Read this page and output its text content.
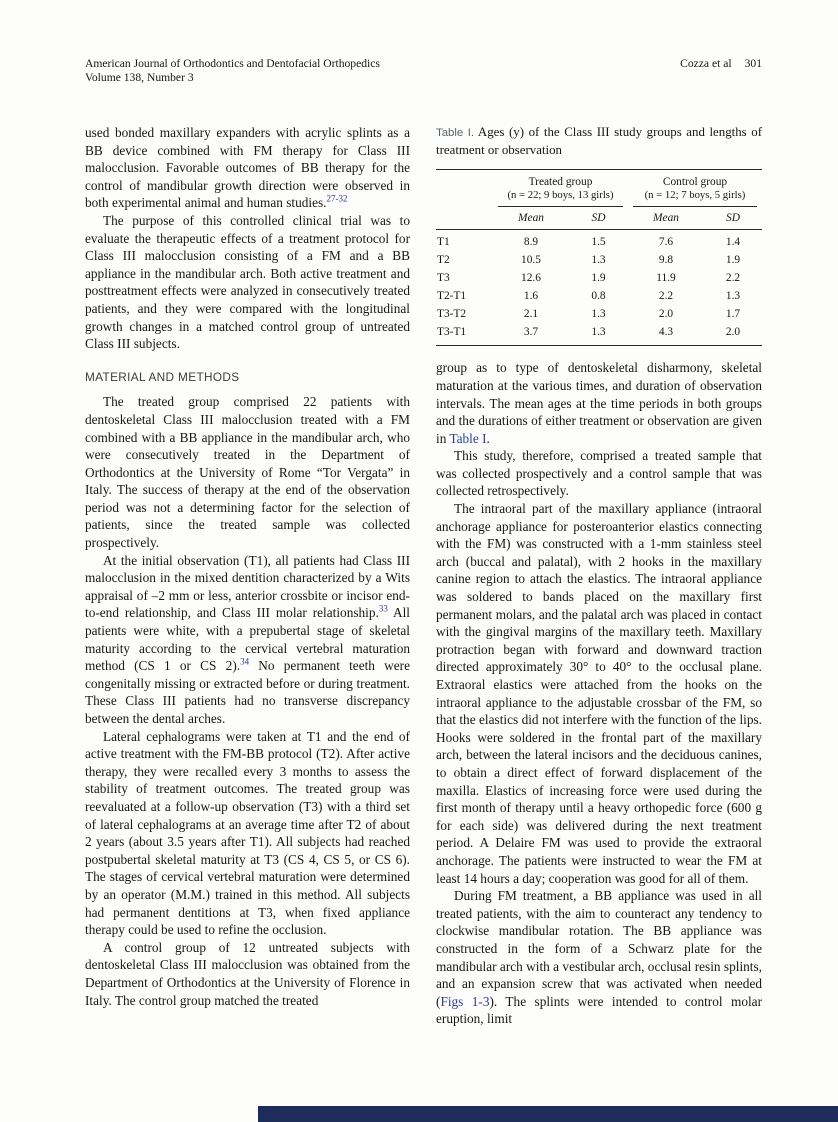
American Journal of Orthodontics and Dentofacial Orthopedics
Volume 138, Number 3
Cozza et al 301

used bonded maxillary expanders with acrylic splints as a BB device combined with FM therapy for Class III malocclusion. Favorable outcomes of BB therapy for the control of mandibular growth direction were observed in both experimental animal and human studies.$^{27-32}$

The purpose of this controlled clinical trial was to evaluate the therapeutic effects of a treatment protocol for Class III malocclusion consisting of a FM and a BB appliance in the mandibular arch. Both active treatment and posttreatment effects were analyzed in consecutively treated patients, and they were compared with the longitudinal growth changes in a matched control group of untreated Class III subjects.

MATERIAL AND METHODS

The treated group comprised 22 patients with dentoskeletal Class III malocclusion treated with a FM combined with a BB appliance in the mandibular arch, who were consecutively treated in the Department of Orthodontics at the University of Rome “Tor Vergata” in Italy. The success of therapy at the end of the observation period was not a determining factor for the selection of patients, since the treated sample was collected prospectively.

At the initial observation (T1), all patients had Class III malocclusion in the mixed dentition characterized by a Wits appraisal of –2 mm or less, anterior crossbite or incisor end-to-end relationship, and Class III molar relationship.$^{33}$ All patients were white, with a prepubertal stage of skeletal maturity according to the cervical vertebral maturation method (CS 1 or CS 2).$^{34}$ No permanent teeth were congenitally missing or extracted before or during treatment. These Class III patients had no transverse discrepancy between the dental arches.

Lateral cephalograms were taken at T1 and the end of active treatment with the FM-BB protocol (T2). After active therapy, they were recalled every 3 months to assess the stability of treatment outcomes. The treated group was reevaluated at a follow-up observation (T3) with a third set of lateral cephalograms at an average time after T2 of about 2 years (about 3.5 years after T1). All subjects had reached postpubertal skeletal maturity at T3 (CS 4, CS 5, or CS 6). The stages of cervical vertebral maturation were determined by an operator (M.M.) trained in this method. All subjects had permanent dentitions at T3, when fixed appliance therapy could be used to refine the occlusion.

A control group of 12 untreated subjects with dentoskeletal Class III malocclusion was obtained from the Department of Orthodontics at the University of Florence in Italy. The control group matched the treated

Table I. Ages (y) of the Class III study groups and lengths of treatment or observation

	Treated group
(n = 22; 9 boys, 13 girls)		Control group
(n = 12; 7 boys, 5 girls)	

	Mean	SD	Mean	SD
T1	8.9	1.5	7.6	1.4
T2	10.5	1.3	9.8	1.9
T3	12.6	1.9	11.9	2.2
T2-T1	1.6	0.8	2.2	1.3
T3-T2	2.1	1.3	2.0	1.7
T3-T1	3.7	1.3	4.3	2.0

group as to type of dentoskeletal disharmony, skeletal maturation at the various times, and duration of observation intervals. The mean ages at the time periods in both groups and the durations of either treatment or observation are given in Table I.

This study, therefore, comprised a treated sample that was collected prospectively and a control sample that was collected retrospectively.

The intraoral part of the maxillary appliance (intraoral anchorage appliance for posteroanterior elastics connecting with the FM) was constructed with a 1-mm stainless steel arch (buccal and palatal), with 2 hooks in the maxillary canine region to attach the elastics. The intraoral appliance was soldered to bands placed on the maxillary first permanent molars, and the palatal arch was placed in contact with the gingival margins of the maxillary teeth. Maxillary protraction began with forward and downward traction directed approximately 30° to 40° to the occlusal plane. Extraoral elastics were attached from the hooks on the intraoral appliance to the adjustable crossbar of the FM, so that the elastics did not interfere with the function of the lips. Hooks were soldered in the frontal part of the maxillary arch, between the lateral incisors and the deciduous canines, to obtain a direct effect of forward displacement of the maxilla. Elastics of increasing force were used during the first month of therapy until a heavy orthopedic force (600 g for each side) was delivered during the next treatment period. A Delaire FM was used to provide the extraoral anchorage. The patients were instructed to wear the FM at least 14 hours a day; cooperation was good for all of them.

During FM treatment, a BB appliance was used in all treated patients, with the aim to counteract any tendency to clockwise mandibular rotation. The BB appliance was constructed in the form of a Schwarz plate for the mandibular arch with a vestibular arch, occlusal resin splints, and an expansion screw that was activated when needed (Figs 1-3). The splints were intended to control molar eruption, limit
